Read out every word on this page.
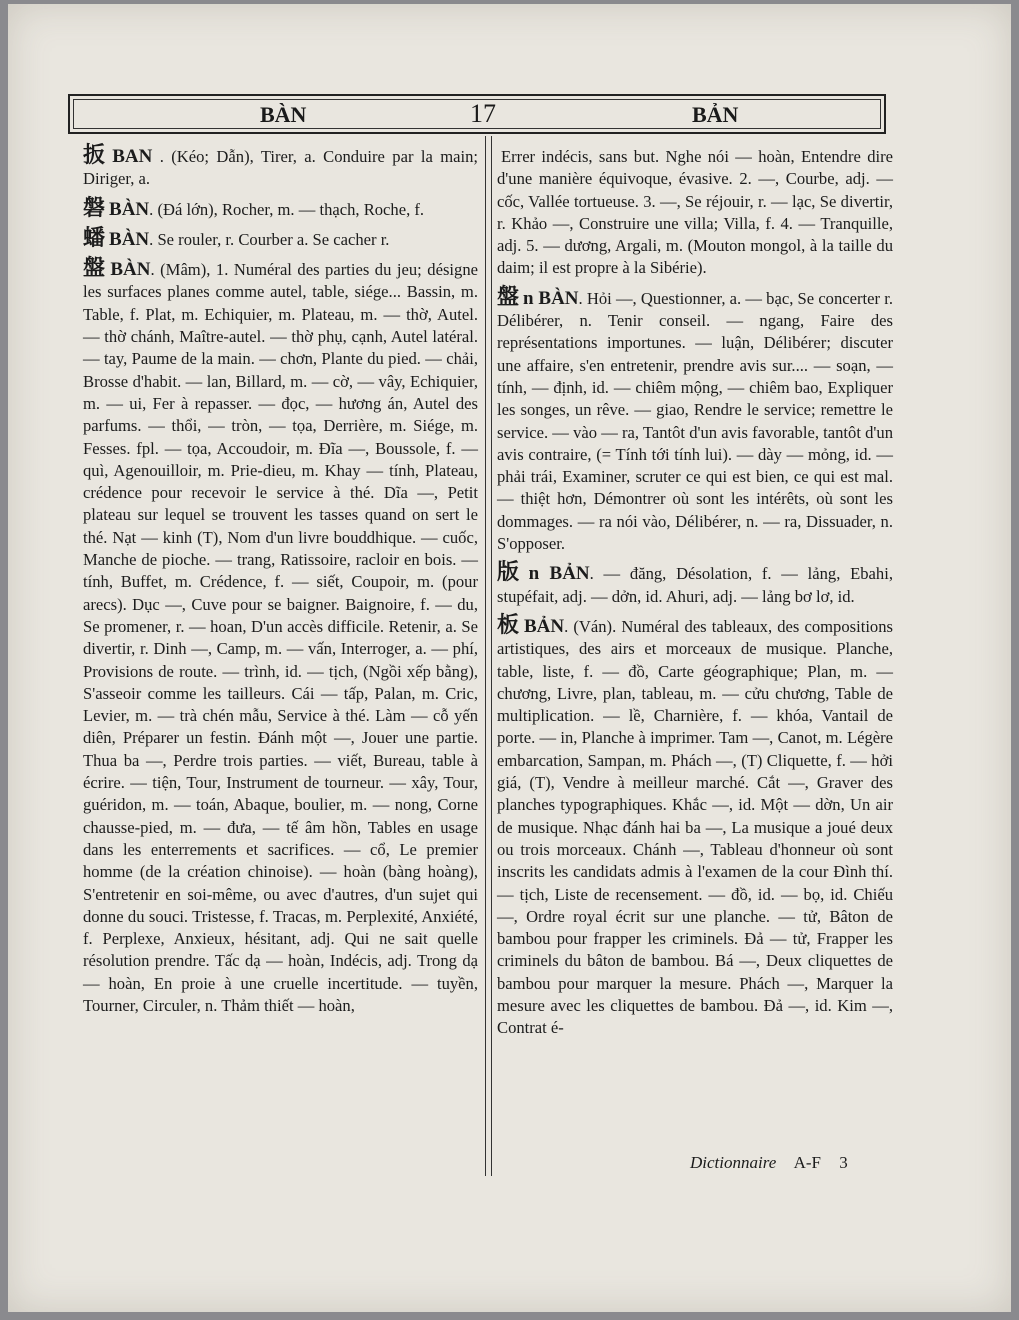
BÀN	17	BẢN

扳 BAN . (Kéo; Dẫn), Tirer, a. Conduire par la main; Diriger, a.

磐 BÀN. (Đá lớn), Rocher, m. — thạch, Roche, f.

蟠 BÀN. Se rouler, r. Courber a. Se cacher r.

盤 BÀN. (Mâm), 1. Numéral des parties du jeu; désigne les surfaces planes comme autel, table, siége... Bassin, m. Table, f. Plat, m. Echiquier, m. Plateau, m. — thờ, Autel. — thờ chánh, Maître-autel. — thờ phụ, cạnh, Autel latéral. — tay, Paume de la main. — chơn, Plante du pied. — chải, Brosse d'habit. — lan, Billard, m. — cờ, — vây, Echiquier, m. — ui, Fer à repasser. — đọc, — hương án, Autel des parfums. — thổi, — tròn, — tọa, Derrière, m. Siége, m. Fesses. fpl. — tọa, Accoudoir, m. Đĩa —, Boussole, f. — quì, Agenouilloir, m. Prie-dieu, m. Khay — tính, Plateau, crédence pour recevoir le service à thé. Dĩa —, Petit plateau sur lequel se trouvent les tasses quand on sert le thé. Nạt — kinh (T), Nom d'un livre bouddhique. — cuốc, Manche de pioche. — trang, Ratissoire, racloir en bois. — tính, Buffet, m. Crédence, f. — siết, Coupoir, m. (pour arecs). Dục —, Cuve pour se baigner. Baignoire, f. — du, Se promener, r. — hoan, D'un accès difficile. Retenir, a. Se divertir, r. Dinh —, Camp, m. — vấn, Interroger, a. — phí, Provisions de route. — trình, id. — tịch, (Ngồi xếp bằng), S'asseoir comme les tailleurs. Cái — tấp, Palan, m. Cric, Levier, m. — trà chén mẫu, Service à thé. Làm — cỗ yến diên, Préparer un festin. Đánh một —, Jouer une partie. Thua ba —, Perdre trois parties. — viết, Bureau, table à écrire. — tiện, Tour, Instrument de tourneur. — xây, Tour, guéridon, m. — toán, Abaque, boulier, m. — nong, Corne chausse-pied, m. — đưa, — tế âm hồn, Tables en usage dans les enterrements et sacrifices. — cổ, Le premier homme (de la création chinoise). — hoàn (bàng hoàng), S'entretenir en soi-même, ou avec d'autres, d'un sujet qui donne du souci. Tristesse, f. Tracas, m. Perplexité, Anxiété, f. Perplexe, Anxieux, hésitant, adj. Qui ne sait quelle résolution prendre. Tấc dạ — hoàn, Indécis, adj. Trong dạ — hoàn, En proie à une cruelle incertitude. — tuyền, Tourner, Circuler, n. Thảm thiết — hoàn,

Errer indécis, sans but. Nghe nói — hoàn, Entendre dire d'une manière équivoque, évasive. 2. —, Courbe, adj. — cốc, Vallée tortueuse. 3. —, Se réjouir, r. — lạc, Se divertir, r. Khảo —, Construire une villa; Villa, f. 4. — Tranquille, adj. 5. — dương, Argali, m. (Mouton mongol, à la taille du daim; il est propre à la Sibérie).

盤 n BÀN. Hỏi —, Questionner, a. — bạc, Se concerter r. Délibérer, n. Tenir conseil. — ngang, Faire des représentations importunes. — luận, Délibérer; discuter une affaire, s'en entretenir, prendre avis sur.... — soạn, — tính, — định, id. — chiêm mộng, — chiêm bao, Expliquer les songes, un rêve. — giao, Rendre le service; remettre le service. — vào — ra, Tantôt d'un avis favorable, tantôt d'un avis contraire, (= Tính tới tính lui). — dày — mỏng, id. — phải trái, Examiner, scruter ce qui est bien, ce qui est mal. — thiệt hơn, Démontrer où sont les intérêts, où sont les dommages. — ra nói vào, Délibérer, n. — ra, Dissuader, n. S'opposer.

版 n BẢN. — đăng, Désolation, f. — lảng, Ebahi, stupéfait, adj. — dởn, id. Ahuri, adj. — lảng bơ lơ, id.

板 BẢN. (Ván). Numéral des tableaux, des compositions artistiques, des airs et morceaux de musique. Planche, table, liste, f. — đồ, Carte géographique; Plan, m. — chương, Livre, plan, tableau, m. — cửu chương, Table de multiplication. — lề, Charnière, f. — khóa, Vantail de porte. — in, Planche à imprimer. Tam —, Canot, m. Légère embarcation, Sampan, m. Phách —, (T) Cliquette, f. — hởi giá, (T), Vendre à meilleur marché. Cắt —, Graver des planches typographiques. Khắc —, id. Một — dờn, Un air de musique. Nhạc đánh hai ba —, La musique a joué deux ou trois morceaux. Chánh —, Tableau d'honneur où sont inscrits les candidats admis à l'examen de la cour Đình thí. — tịch, Liste de recensement. — đồ, id. — bọ, id. Chiếu —, Ordre royal écrit sur une planche. — tử, Bâton de bambou pour frapper les criminels. Đả — tử, Frapper les criminels du bâton de bambou. Bá —, Deux cliquettes de bambou pour marquer la mesure. Phách —, Marquer la mesure avec les cliquettes de bambou. Đả —, id. Kim —, Contrat é-

Dictionnaire A-F 3
